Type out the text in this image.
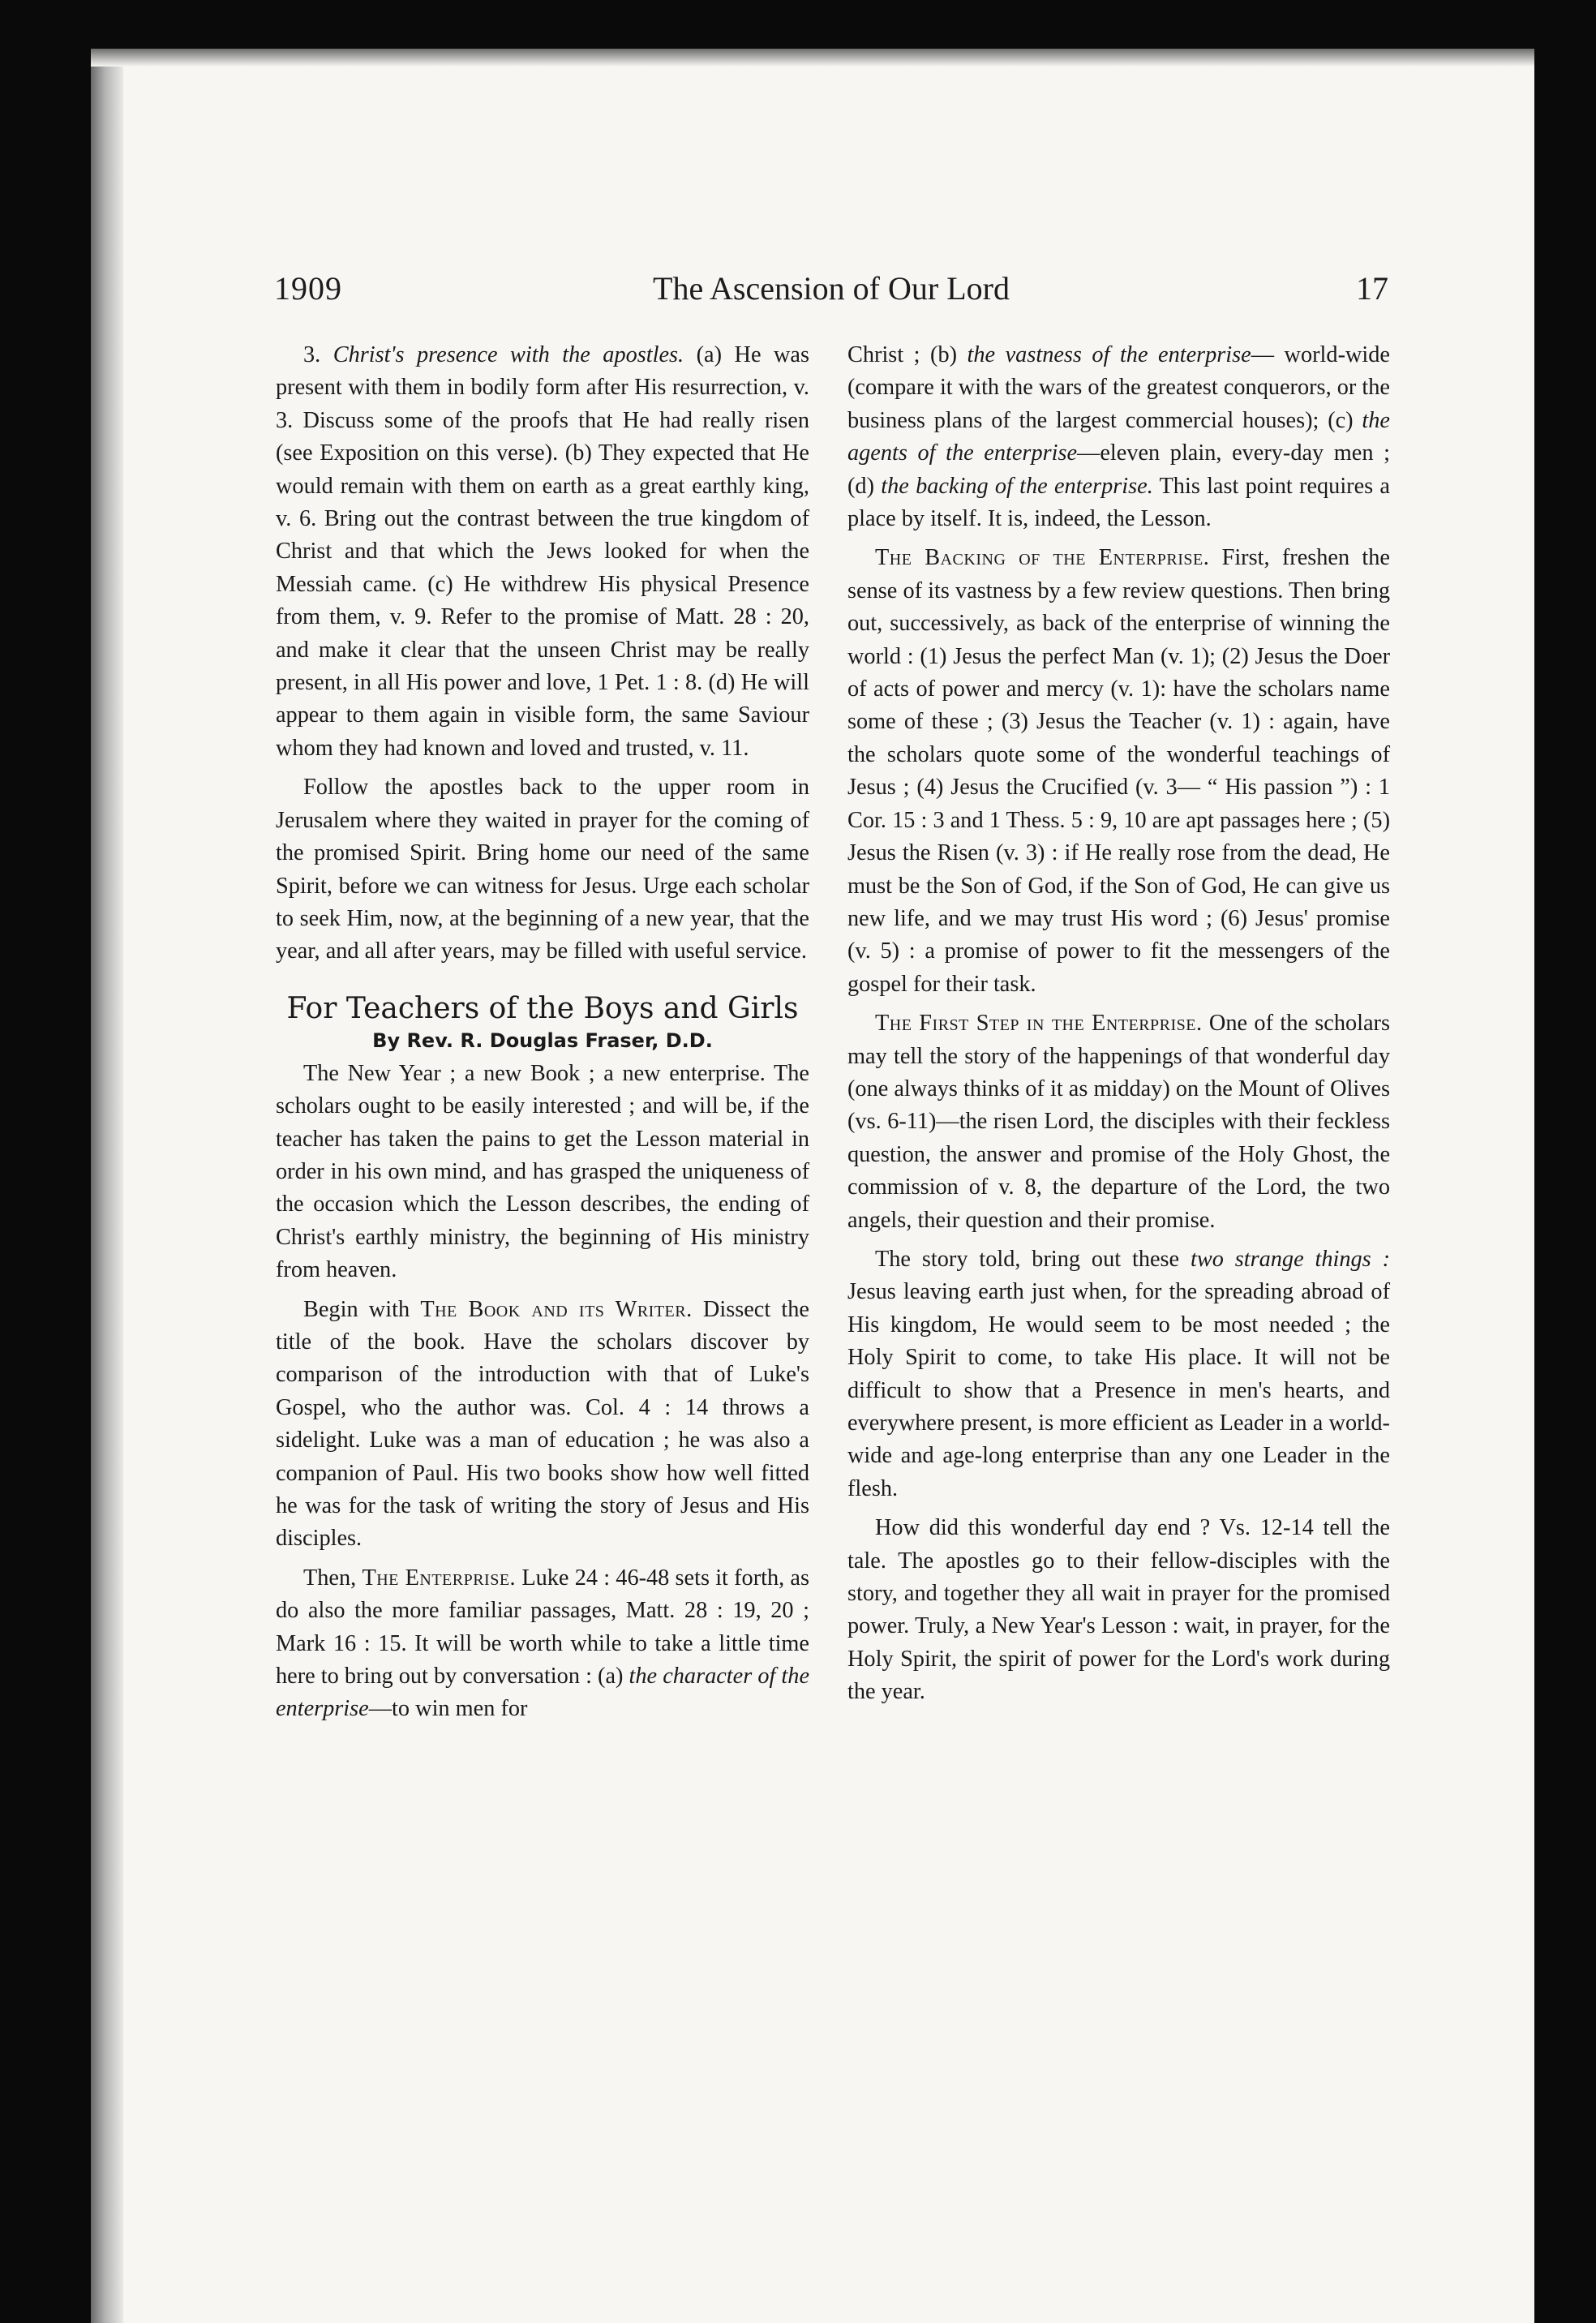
1909	The Ascension of Our Lord	17

3. Christ's presence with the apostles. (a) He was present with them in bodily form after His resurrection, v. 3. Discuss some of the proofs that He had really risen (see Exposition on this verse). (b) They expected that He would remain with them on earth as a great earthly king, v. 6. Bring out the contrast between the true kingdom of Christ and that which the Jews looked for when the Messiah came. (c) He withdrew His physical Presence from them, v. 9. Refer to the promise of Matt. 28 : 20, and make it clear that the unseen Christ may be really present, in all His power and love, 1 Pet. 1 : 8. (d) He will appear to them again in visible form, the same Saviour whom they had known and loved and trusted, v. 11.

Follow the apostles back to the upper room in Jerusalem where they waited in prayer for the coming of the promised Spirit. Bring home our need of the same Spirit, before we can witness for Jesus. Urge each scholar to seek Him, now, at the beginning of a new year, that the year, and all after years, may be filled with useful service.

For Teachers of the Boys and Girls
By Rev. R. Douglas Fraser, D.D.

The New Year ; a new Book ; a new enterprise. The scholars ought to be easily interested ; and will be, if the teacher has taken the pains to get the Lesson material in order in his own mind, and has grasped the uniqueness of the occasion which the Lesson describes, the ending of Christ's earthly ministry, the beginning of His ministry from heaven.

Begin with The Book and its Writer. Dissect the title of the book. Have the scholars discover by comparison of the introduction with that of Luke's Gospel, who the author was. Col. 4 : 14 throws a sidelight. Luke was a man of education ; he was also a companion of Paul. His two books show how well fitted he was for the task of writing the story of Jesus and His disciples.

Then, The Enterprise. Luke 24 : 46-48 sets it forth, as do also the more familiar passages, Matt. 28 : 19, 20 ; Mark 16 : 15. It will be worth while to take a little time here to bring out by conversation : (a) the character of the enterprise—to win men for

Christ ; (b) the vastness of the enterprise— world-wide (compare it with the wars of the greatest conquerors, or the business plans of the largest commercial houses); (c) the agents of the enterprise—eleven plain, every-day men ; (d) the backing of the enterprise. This last point requires a place by itself. It is, indeed, the Lesson.

The Backing of the Enterprise. First, freshen the sense of its vastness by a few review questions. Then bring out, successively, as back of the enterprise of winning the world : (1) Jesus the perfect Man (v. 1); (2) Jesus the Doer of acts of power and mercy (v. 1): have the scholars name some of these ; (3) Jesus the Teacher (v. 1) : again, have the scholars quote some of the wonderful teachings of Jesus ; (4) Jesus the Crucified (v. 3— “ His passion ”) : 1 Cor. 15 : 3 and 1 Thess. 5 : 9, 10 are apt passages here ; (5) Jesus the Risen (v. 3) : if He really rose from the dead, He must be the Son of God, if the Son of God, He can give us new life, and we may trust His word ; (6) Jesus' promise (v. 5) : a promise of power to fit the messengers of the gospel for their task.

The First Step in the Enterprise. One of the scholars may tell the story of the happenings of that wonderful day (one always thinks of it as midday) on the Mount of Olives (vs. 6-11)—the risen Lord, the disciples with their feckless question, the answer and promise of the Holy Ghost, the commission of v. 8, the departure of the Lord, the two angels, their question and their promise.

The story told, bring out these two strange things : Jesus leaving earth just when, for the spreading abroad of His kingdom, He would seem to be most needed ; the Holy Spirit to come, to take His place. It will not be difficult to show that a Presence in men's hearts, and everywhere present, is more efficient as Leader in a world-wide and age-long enterprise than any one Leader in the flesh.

How did this wonderful day end ? Vs. 12-14 tell the tale. The apostles go to their fellow-disciples with the story, and together they all wait in prayer for the promised power. Truly, a New Year's Lesson : wait, in prayer, for the Holy Spirit, the spirit of power for the Lord's work during the year.
